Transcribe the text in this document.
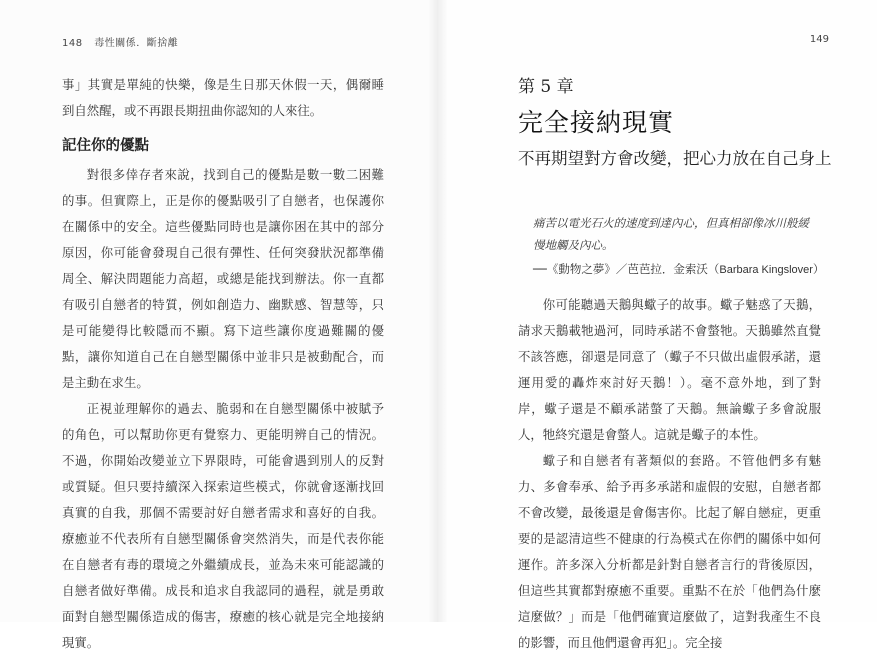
148 毒性關係．斷捨離

事」其實是單純的快樂，像是生日那天休假一天，偶爾睡到自然醒，或不再跟長期扭曲你認知的人來往。

記住你的優點

對很多倖存者來說，找到自己的優點是數一數二困難的事。但實際上，正是你的優點吸引了自戀者，也保護你在關係中的安全。這些優點同時也是讓你困在其中的部分原因，你可能會發現自己很有彈性、任何突發狀況都準備周全、解決問題能力高超，或總是能找到辦法。你一直都有吸引自戀者的特質，例如創造力、幽默感、智慧等，只是可能變得比較隱而不顯。寫下這些讓你度過難關的優點，讓你知道自己在自戀型關係中並非只是被動配合，而是主動在求生。

正視並理解你的過去、脆弱和在自戀型關係中被賦予的角色，可以幫助你更有覺察力、更能明辨自己的情況。不過，你開始改變並立下界限時，可能會遇到別人的反對或質疑。但只要持續深入探索這些模式，你就會逐漸找回真實的自我，那個不需要討好自戀者需求和喜好的自我。療癒並不代表所有自戀型關係會突然消失，而是代表你能在自戀者有毒的環境之外繼續成長，並為未來可能認識的自戀者做好準備。成長和追求自我認同的過程，就是勇敢面對自戀型關係造成的傷害，療癒的核心就是完全地接納現實。

149
第 5 章
完全接納現實
不再期望對方會改變，把心力放在自己身上
痛苦以電光石火的速度到達內心，但真相卻像冰川般緩慢地觸及內心。
──《動物之夢》／芭芭拉．金索沃（Barbara Kingslover）

你可能聽過天鵝與蠍子的故事。蠍子魅惑了天鵝，請求天鵝載牠過河，同時承諾不會螫牠。天鵝雖然直覺不該答應，卻還是同意了（蠍子不只做出虛假承諾，還運用愛的轟炸來討好天鵝！）。毫不意外地，到了對岸，蠍子還是不顧承諾螫了天鵝。無論蠍子多會說服人，牠終究還是會螫人。這就是蠍子的本性。

蠍子和自戀者有著類似的套路。不管他們多有魅力、多會奉承、給予再多承諾和虛假的安慰，自戀者都不會改變，最後還是會傷害你。比起了解自戀症，更重要的是認清這些不健康的行為模式在你們的關係中如何運作。許多深入分析都是針對自戀者言行的背後原因，但這些其實都對療癒不重要。重點不在於「他們為什麼這麼做？」而是「他們確實這麼做了，這對我產生不良的影響，而且他們還會再犯」。完全接
